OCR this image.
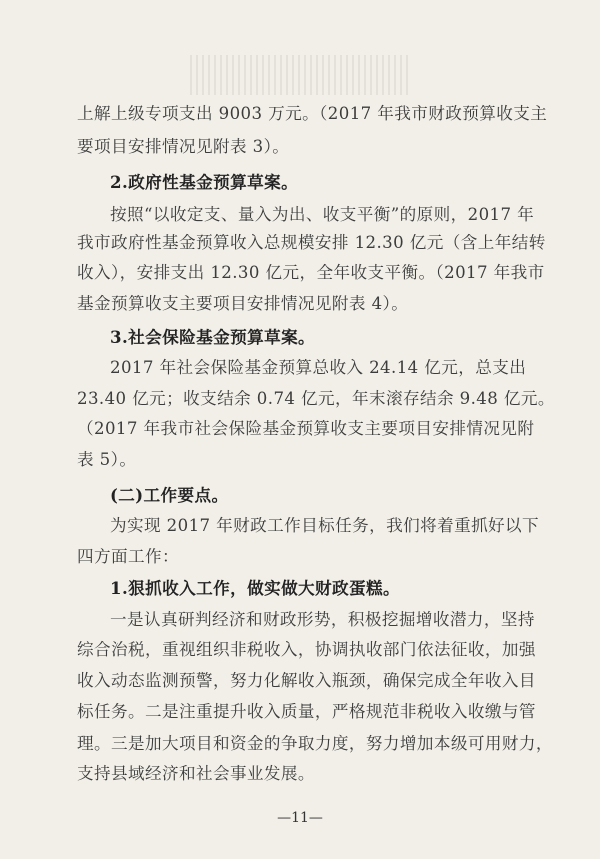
上解上级专项支出 9003 万元。（2017 年我市财政预算收支主
要项目安排情况见附表 3）。
2.政府性基金预算草案。
按照“以收定支、量入为出、收支平衡”的原则，2017 年
我市政府性基金预算收入总规模安排 12.30 亿元（含上年结转
收入），安排支出 12.30 亿元，全年收支平衡。（2017 年我市
基金预算收支主要项目安排情况见附表 4）。
3.社会保险基金预算草案。
2017 年社会保险基金预算总收入 24.14 亿元，总支出
23.40 亿元；收支结余 0.74 亿元，年末滚存结余 9.48 亿元。
（2017 年我市社会保险基金预算收支主要项目安排情况见附
表 5）。
(二)工作要点。
为实现 2017 年财政工作目标任务，我们将着重抓好以下
四方面工作：
1.狠抓收入工作，做实做大财政蛋糕。
一是认真研判经济和财政形势，积极挖掘增收潜力，坚持
综合治税，重视组织非税收入，协调执收部门依法征收，加强
收入动态监测预警，努力化解收入瓶颈，确保完成全年收入目
标任务。二是注重提升收入质量，严格规范非税收入收缴与管
理。三是加大项目和资金的争取力度，努力增加本级可用财力，
支持县域经济和社会事业发展。
—11—
